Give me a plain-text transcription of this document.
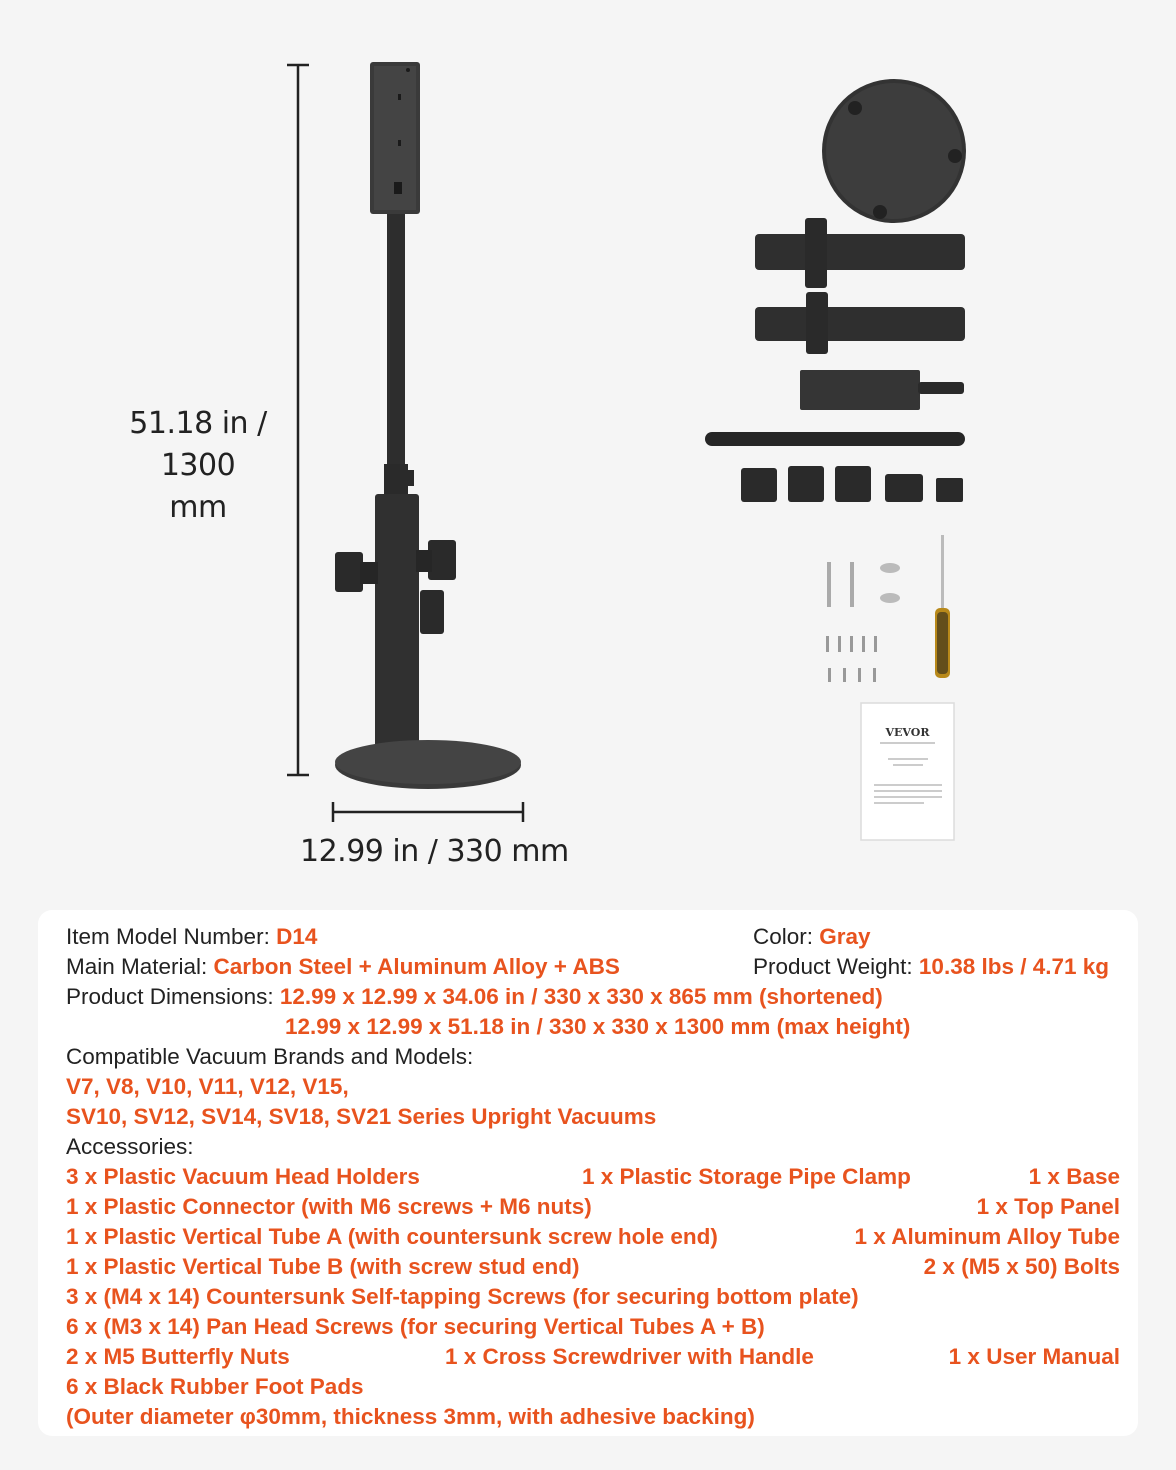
VEVOR
51.18 in /
1300 mm
12.99 in / 330 mm
Item Model Number: D14	Color: Gray
Main Material: Carbon Steel + Aluminum Alloy + ABS	Product Weight: 10.38 lbs / 4.71 kg
Product Dimensions: 12.99 x 12.99 x 34.06 in / 330 x 330 x 865 mm (shortened)
12.99 x 12.99 x 51.18 in / 330 x 330 x 1300 mm (max height)
Compatible Vacuum Brands and Models:
V7, V8, V10, V11, V12, V15,
SV10, SV12, SV14, SV18, SV21 Series Upright Vacuums
Accessories:
3 x Plastic Vacuum Head Holders	1 x Plastic Storage Pipe Clamp	1 x Base
1 x Plastic Connector (with M6 screws + M6 nuts)	1 x Top Panel
1 x Plastic Vertical Tube A (with countersunk screw hole end)	1 x Aluminum Alloy Tube
1 x Plastic Vertical Tube B (with screw stud end)	2 x (M5 x 50) Bolts
3 x (M4 x 14) Countersunk Self-tapping Screws (for securing bottom plate)
6 x (M3 x 14) Pan Head Screws (for securing Vertical Tubes A + B)
2 x M5 Butterfly Nuts	1 x Cross Screwdriver with Handle	1 x User Manual
6 x Black Rubber Foot Pads
(Outer diameter φ30mm, thickness 3mm, with adhesive backing)
